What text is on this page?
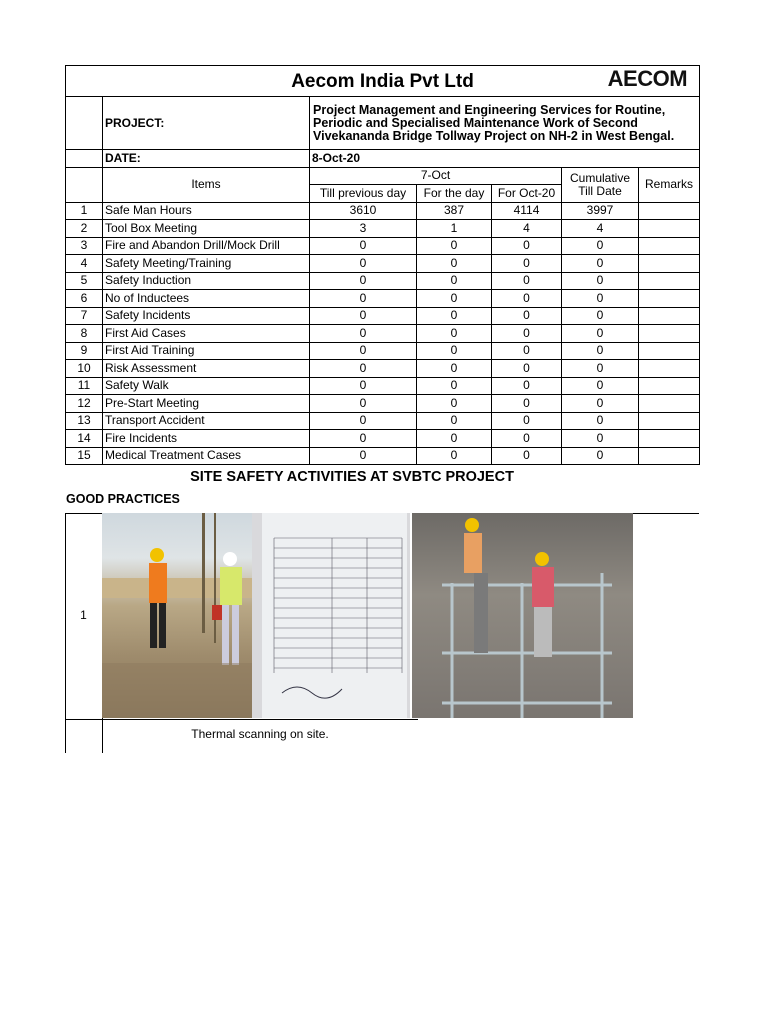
Aecom India Pvt Ltd AECOM						

	PROJECT:	Project Management and Engineering Services for Routine, Periodic and Specialised Maintenance Work of Second Vivekananda Bridge Tollway Project on NH-2 in West Bengal.				
	DATE:	8-Oct-20				
	Items	7-Oct			Cumulative Till Date	Remarks
		Till previous day	For the day	For Oct-20		
1	Safe Man Hours	3610	387	4114	3997	
2	Tool Box Meeting	3	1	4	4	
3	Fire and Abandon Drill/Mock Drill	0	0	0	0	
4	Safety Meeting/Training	0	0	0	0	
5	Safety Induction	0	0	0	0	
6	No of Inductees	0	0	0	0	
7	Safety Incidents	0	0	0	0	
8	First Aid Cases	0	0	0	0	
9	First Aid Training	0	0	0	0	
10	Risk Assessment	0	0	0	0	
11	Safety Walk	0	0	0	0	
12	Pre-Start Meeting	0	0	0	0	
13	Transport Accident	0	0	0	0	
14	Fire Incidents	0	0	0	0	
15	Medical Treatment Cases	0	0	0	0	
SITE SAFETY ACTIVITIES AT SVBTC PROJECT
GOOD PRACTICES
1
Thermal scanning on site.
